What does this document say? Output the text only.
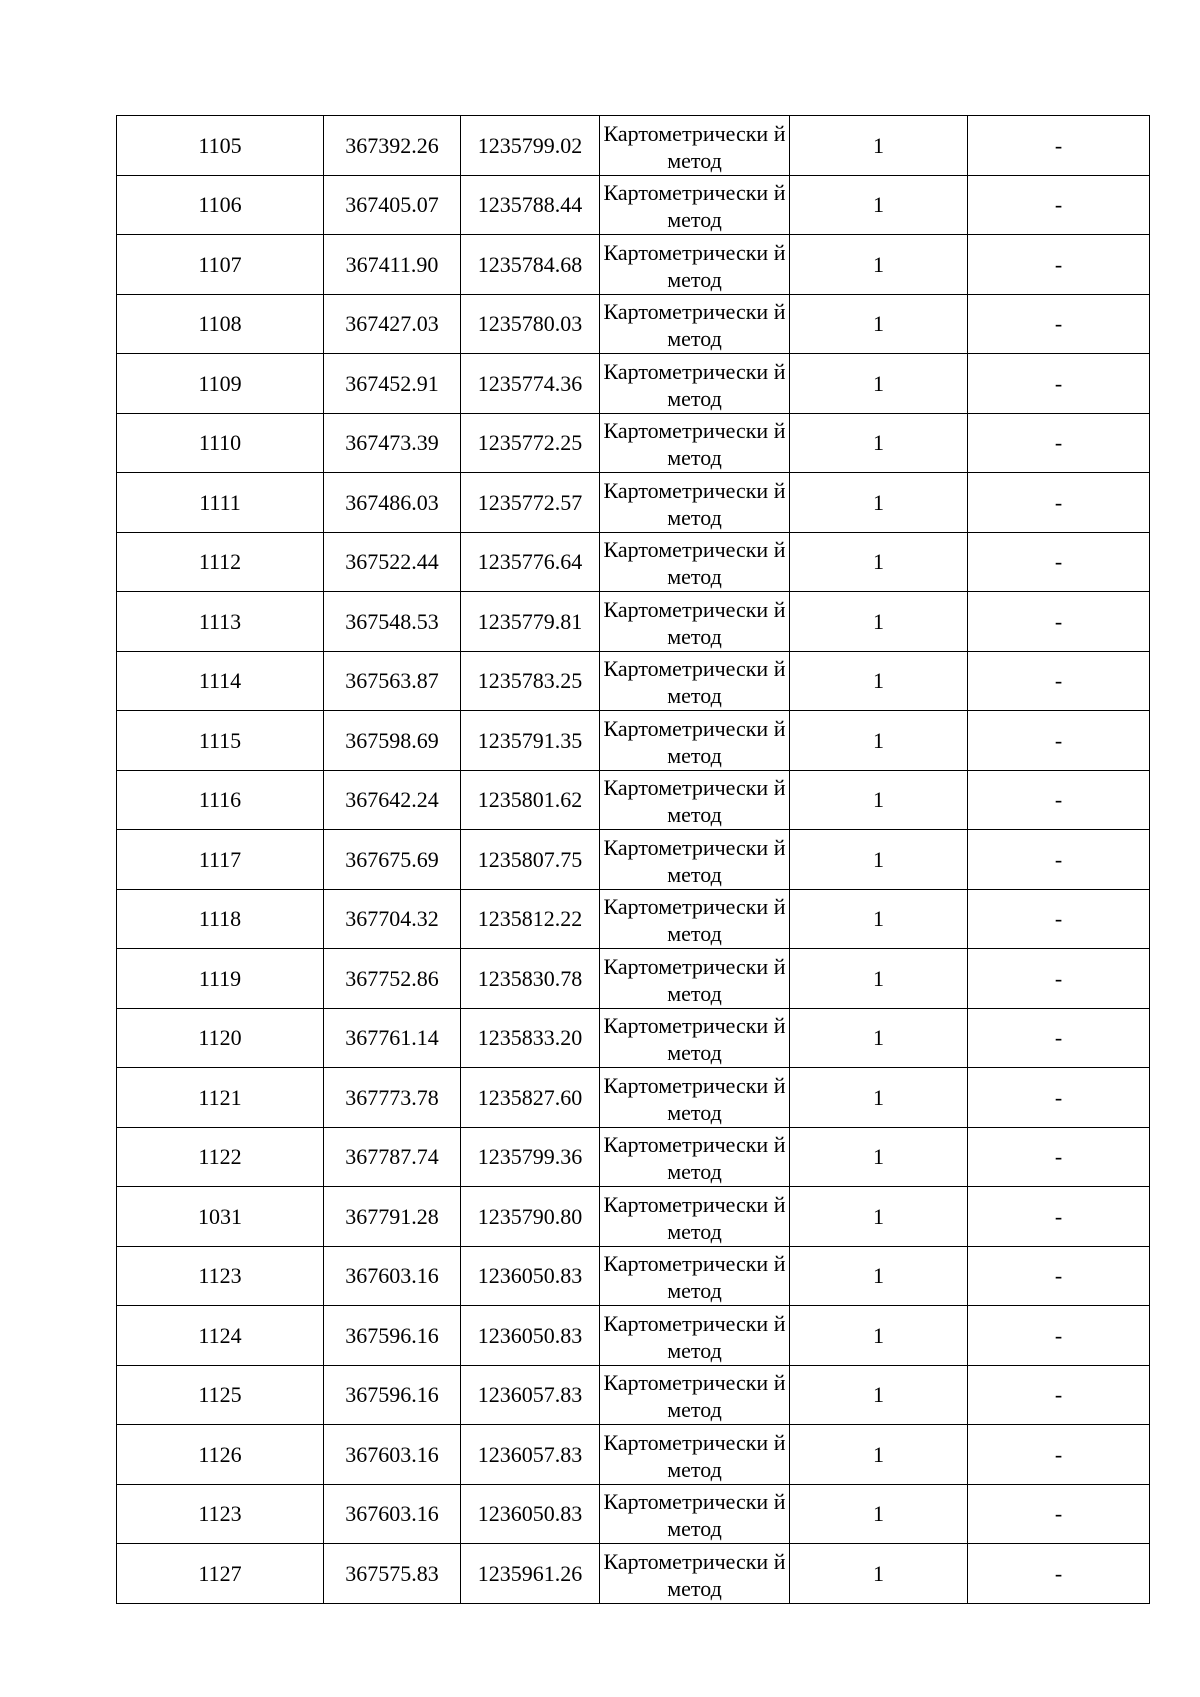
1105	367392.26	1235799.02	Картометрически й метод	1	-
1106	367405.07	1235788.44	Картометрически й метод	1	-
1107	367411.90	1235784.68	Картометрически й метод	1	-
1108	367427.03	1235780.03	Картометрически й метод	1	-
1109	367452.91	1235774.36	Картометрически й метод	1	-
1110	367473.39	1235772.25	Картометрически й метод	1	-
1111	367486.03	1235772.57	Картометрически й метод	1	-
1112	367522.44	1235776.64	Картометрически й метод	1	-
1113	367548.53	1235779.81	Картометрически й метод	1	-
1114	367563.87	1235783.25	Картометрически й метод	1	-
1115	367598.69	1235791.35	Картометрически й метод	1	-
1116	367642.24	1235801.62	Картометрически й метод	1	-
1117	367675.69	1235807.75	Картометрически й метод	1	-
1118	367704.32	1235812.22	Картометрически й метод	1	-
1119	367752.86	1235830.78	Картометрически й метод	1	-
1120	367761.14	1235833.20	Картометрически й метод	1	-
1121	367773.78	1235827.60	Картометрически й метод	1	-
1122	367787.74	1235799.36	Картометрически й метод	1	-
1031	367791.28	1235790.80	Картометрически й метод	1	-
1123	367603.16	1236050.83	Картометрически й метод	1	-
1124	367596.16	1236050.83	Картометрически й метод	1	-
1125	367596.16	1236057.83	Картометрически й метод	1	-
1126	367603.16	1236057.83	Картометрически й метод	1	-
1123	367603.16	1236050.83	Картометрически й метод	1	-
1127	367575.83	1235961.26	Картометрически й метод	1	-
